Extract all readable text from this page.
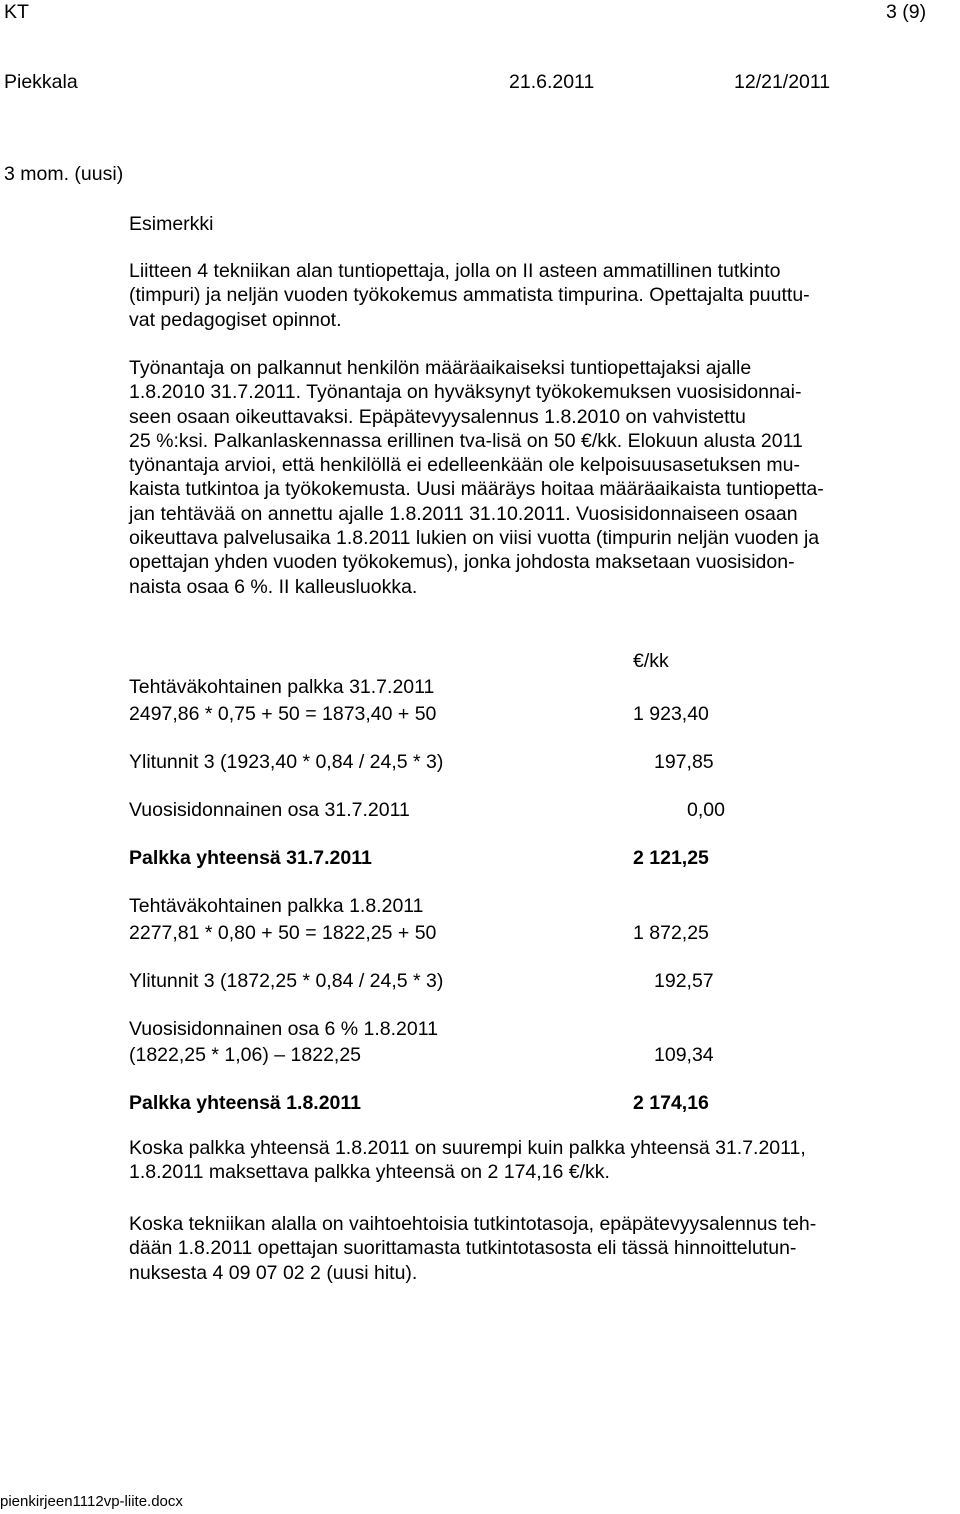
KT	3 (9)
Piekkala	21.6.2011	12/21/2011
3 mom. (uusi)
Esimerkki

Liitteen 4 tekniikan alan tuntiopettaja, jolla on II asteen ammatillinen tutkinto

(timpuri) ja neljän vuoden työkokemus ammatista timpurina. Opettajalta puuttu-

vat pedagogiset opinnot.

Työnantaja on palkannut henkilön määräaikaiseksi tuntiopettajaksi ajalle

1.8.2010 31.7.2011. Työnantaja on hyväksynyt työkokemuksen vuosisidonnai-

seen osaan oikeuttavaksi. Epäpätevyysalennus 1.8.2010 on vahvistettu

25 %:ksi. Palkanlaskennassa erillinen tva-lisä on 50 €/kk. Elokuun alusta 2011

työnantaja arvioi, että henkilöllä ei edelleenkään ole kelpoisuusasetuksen mu-

kaista tutkintoa ja työkokemusta. Uusi määräys hoitaa määräaikaista tuntiopetta-

jan tehtävää on annettu ajalle 1.8.2011 31.10.2011. Vuosisidonnaiseen osaan

oikeuttava palvelusaika 1.8.2011 lukien on viisi vuotta (timpurin neljän vuoden ja

opettajan yhden vuoden työkokemus), jonka johdosta maksetaan vuosisidon-

naista osaa 6 %. II kalleusluokka.

€/kk
Tehtäväkohtainen palkka 31.7.2011
2497,86 * 0,75 + 50 = 1873,40 + 50	1 923,40
Ylitunnit 3 (1923,40 * 0,84 / 24,5 * 3)	197,85
Vuosisidonnainen osa 31.7.2011	0,00
Palkka yhteensä 31.7.2011	2 121,25
Tehtäväkohtainen palkka 1.8.2011
2277,81 * 0,80 + 50 = 1822,25 + 50	1 872,25
Ylitunnit 3 (1872,25 * 0,84 / 24,5 * 3)	192,57
Vuosisidonnainen osa 6 % 1.8.2011
(1822,25 * 1,06) – 1822,25	109,34
Palkka yhteensä 1.8.2011	2 174,16

Koska palkka yhteensä 1.8.2011 on suurempi kuin palkka yhteensä 31.7.2011,

1.8.2011 maksettava palkka yhteensä on 2 174,16 €/kk.

Koska tekniikan alalla on vaihtoehtoisia tutkintotasoja, epäpätevyysalennus teh-

dään 1.8.2011 opettajan suorittamasta tutkintotasosta eli tässä hinnoittelutun-

nuksesta 4 09 07 02 2 (uusi hitu).

pienkirjeen1112vp-liite.docx
